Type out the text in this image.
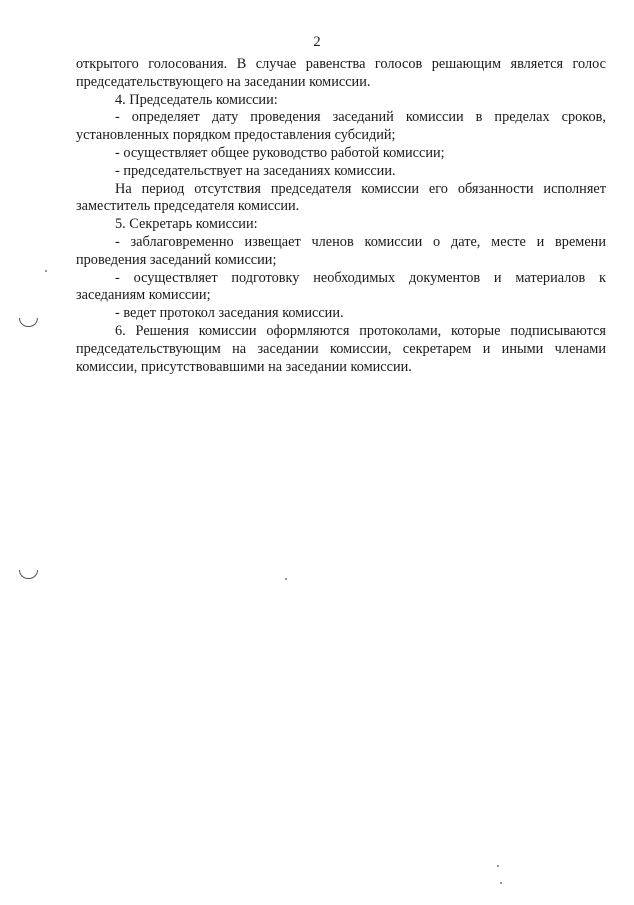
2

открытого голосования. В случае равенства голосов решающим является голос председательствующего на заседании комиссии.

4. Председатель комиссии:

- определяет дату проведения заседаний комиссии в пределах сроков, установленных порядком предоставления субсидий;

- осуществляет общее руководство работой комиссии;

- председательствует на заседаниях комиссии.

На период отсутствия председателя комиссии его обязанности исполняет заместитель председателя комиссии.

5. Секретарь комиссии:

- заблаговременно извещает членов комиссии о дате, месте и времени проведения заседаний комиссии;

- осуществляет подготовку необходимых документов и материалов к заседаниям комиссии;

- ведет протокол заседания комиссии.

6. Решения комиссии оформляются протоколами, которые подписываются председательствующим на заседании комиссии, секретарем и иными членами комиссии, присутствовавшими на заседании комиссии.
